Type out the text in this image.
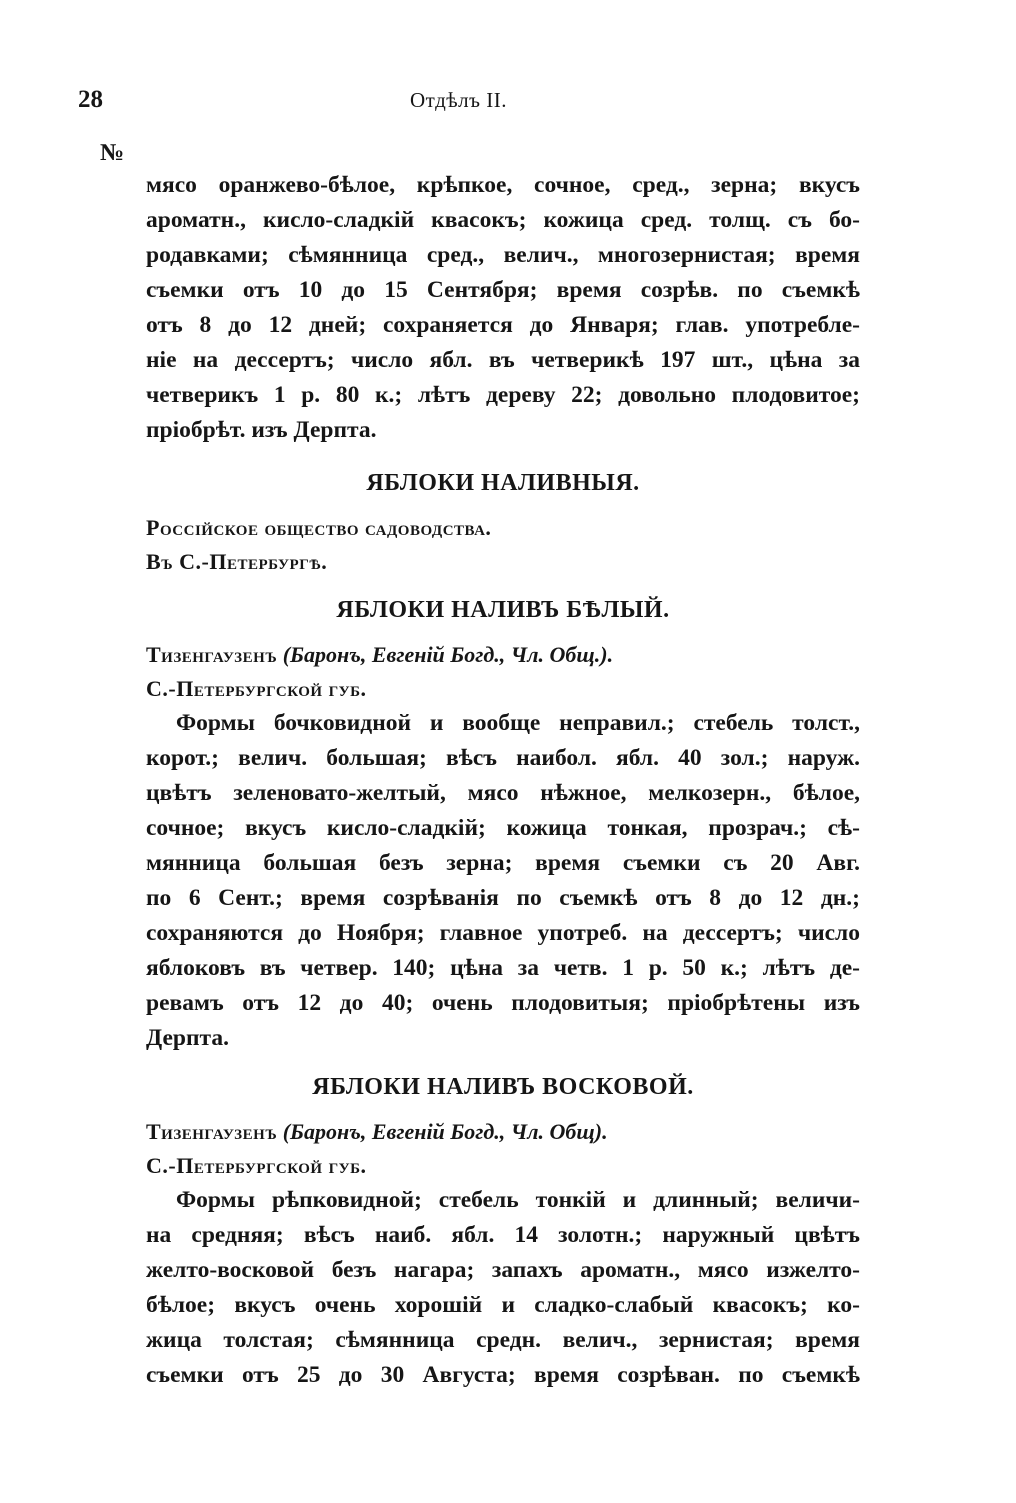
28	Отдѣлъ II.
№

мясо оранжево-бѣлое, крѣпкое, сочное, сред., зерна; вкусъ
ароматн., кисло-сладкій квасокъ; кожица сред. толщ. съ бо-
родавками; сѣмянница сред., велич., многозернистая; время
съемки отъ 10 до 15 Сентября; время созрѣв. по съемкѣ
отъ 8 до 12 дней; сохраняется до Января; глав. употребле-
ніе на дессертъ; число ябл. въ четверикѣ 197 шт., цѣна за
четверикъ 1 р. 80 к.; лѣтъ дереву 22; довольно плодовитое;
пріобрѣт. изъ Дерпта.

ЯБЛОКИ НАЛИВНЫЯ.

Россійское общество садоводства.

Въ С.-Петербургѣ.

ЯБЛОКИ НАЛИВЪ БѢЛЫЙ.

Тизенгаузенъ (Баронъ, Евгеній Богд., Чл. Общ.).

С.-Петербургской губ.

Формы бочковидной и вообще неправил.; стебель толст.,
корот.; велич. большая; вѣсъ наибол. ябл. 40 зол.; наруж.
цвѣтъ зеленовато-желтый, мясо нѣжное, мелкозерн., бѣлое,
сочное; вкусъ кисло-сладкій; кожица тонкая, прозрач.; сѣ-
мянница большая безъ зерна; время съемки съ 20 Авг.
по 6 Сент.; время созрѣванія по съемкѣ отъ 8 до 12 дн.;
сохраняются до Ноября; главное употреб. на дессертъ; число
яблоковъ въ четвер. 140; цѣна за четв. 1 р. 50 к.; лѣтъ де-
ревамъ отъ 12 до 40; очень плодовитыя; пріобрѣтены изъ
Дерпта.

ЯБЛОКИ НАЛИВЪ ВОСКОВОЙ.

Тизенгаузенъ (Баронъ, Евгеній Богд., Чл. Общ).

С.-Петербургской губ.

Формы рѣпковидной; стебель тонкій и длинный; величи-
на средняя; вѣсъ наиб. ябл. 14 золотн.; наружный цвѣтъ
желто-восковой безъ нагара; запахъ ароматн., мясо изжелто-
бѣлое; вкусъ очень хорошій и сладко-слабый квасокъ; ко-
жица толстая; сѣмянница средн. велич., зернистая; время
съемки отъ 25 до 30 Августа; время созрѣван. по съемкѣ
